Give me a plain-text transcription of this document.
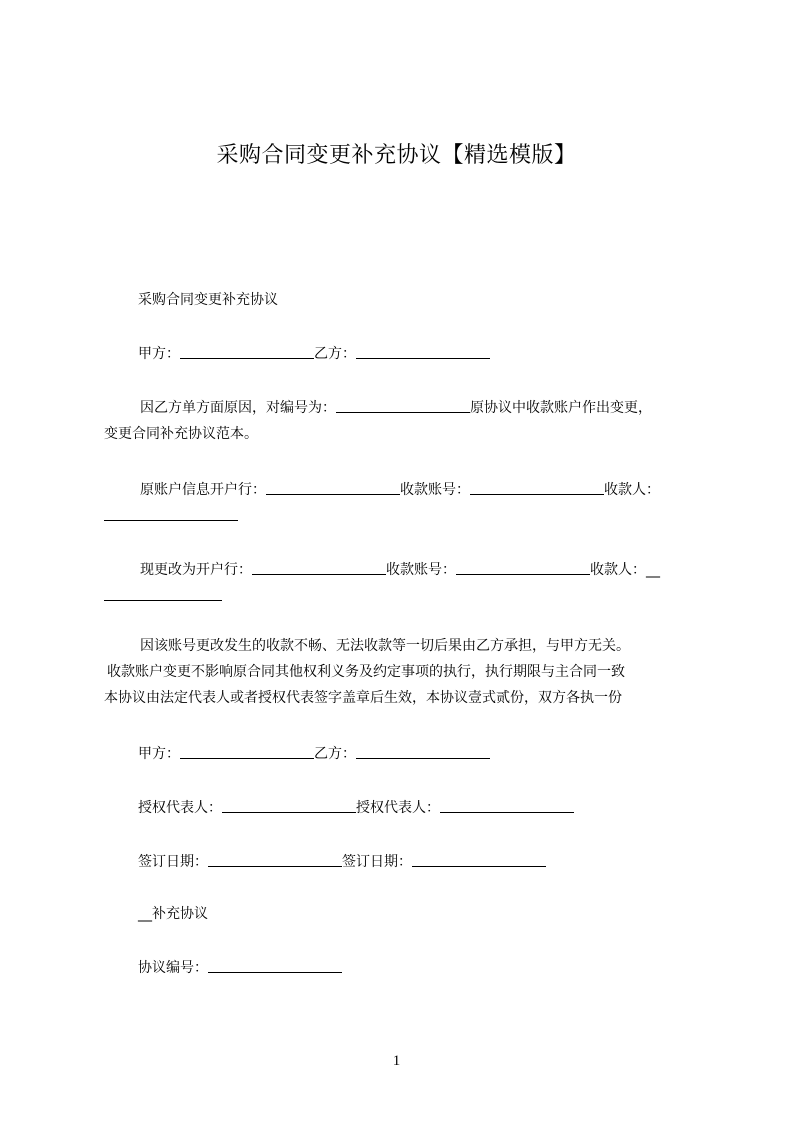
采购合同变更补充协议【精选模版】
采购合同变更补充协议
甲方：	乙方：
因乙方单方面原因，对编号为：	原协议中收款账户作出变更，
变更合同补充协议范本。
原账户信息开户行：	收款账号：	收款人：
现更改为开户行：	收款账号：	收款人：__
因该账号更改发生的收款不畅、无法收款等一切后果由乙方承担，与甲方无关。
收款账户变更不影响原合同其他权利义务及约定事项的执行，执行期限与主合同一致
本协议由法定代表人或者授权代表签字盖章后生效，本协议壹式贰份，双方各执一份
甲方：	乙方：
授权代表人：	授权代表人：
签订日期：	签订日期：
__补充协议
协议编号：
1
